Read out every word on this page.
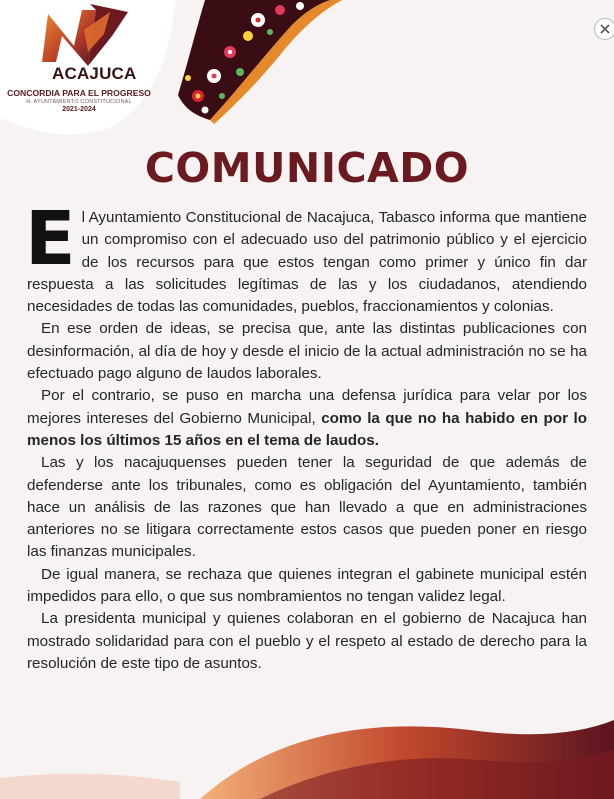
ACAJUCA

CONCORDIA PARA EL PROGRESO

H. AYUNTAMIENTO CONSTITUCIONAL

2021-2024

COMUNICADO

El Ayuntamiento Constitucional de Nacajuca, Tabasco informa que mantiene un compromiso con el adecuado uso del patrimonio público y el ejercicio de los recursos para que estos tengan como primer y único fin dar respuesta a las solicitudes legítimas de las y los ciudadanos, atendiendo necesidades de todas las comunidades, pueblos, fraccionamientos y colonias.

En ese orden de ideas, se precisa que, ante las distintas publicaciones con desinformación, al día de hoy y desde el inicio de la actual administración no se ha efectuado pago alguno de laudos laborales.

Por el contrario, se puso en marcha una defensa jurídica para velar por los mejores intereses del Gobierno Municipal, como la que no ha habido en por lo menos los últimos 15 años en el tema de laudos.

Las y los nacajuquenses pueden tener la seguridad de que además de defenderse ante los tribunales, como es obligación del Ayuntamiento, también hace un análisis de las razones que han llevado a que en administraciones anteriores no se litigara correctamente estos casos que pueden poner en riesgo las finanzas municipales.

De igual manera, se rechaza que quienes integran el gabinete municipal estén impedidos para ello, o que sus nombramientos no tengan validez legal.

La presidenta municipal y quienes colaboran en el gobierno de Nacajuca han mostrado solidaridad para con el pueblo y el respeto al estado de derecho para la resolución de este tipo de asuntos.
